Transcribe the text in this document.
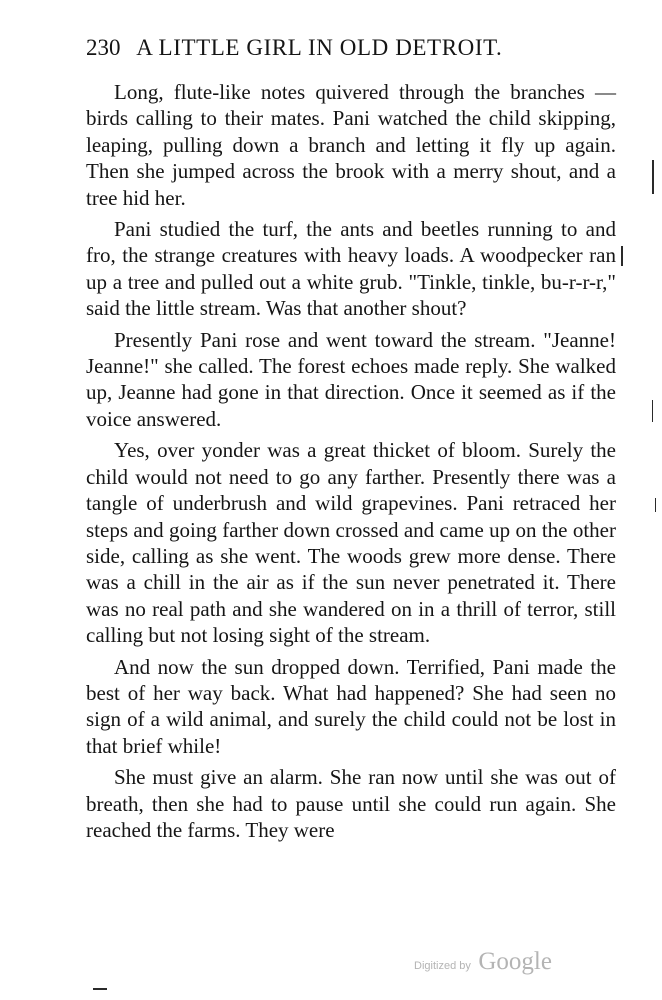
230 A LITTLE GIRL IN OLD DETROIT.

Long, flute-like notes quivered through the branches — birds calling to their mates. Pani watched the child skipping, leaping, pulling down a branch and letting it fly up again. Then she jumped across the brook with a merry shout, and a tree hid her.

Pani studied the turf, the ants and beetles running to and fro, the strange creatures with heavy loads. A woodpecker ran up a tree and pulled out a white grub. "Tinkle, tinkle, bu-r-r-r," said the little stream. Was that another shout?

Presently Pani rose and went toward the stream. "Jeanne! Jeanne!" she called. The forest echoes made reply. She walked up, Jeanne had gone in that direction. Once it seemed as if the voice answered.

Yes, over yonder was a great thicket of bloom. Surely the child would not need to go any farther. Presently there was a tangle of underbrush and wild grapevines. Pani retraced her steps and going farther down crossed and came up on the other side, calling as she went. The woods grew more dense. There was a chill in the air as if the sun never penetrated it. There was no real path and she wandered on in a thrill of terror, still calling but not losing sight of the stream.

And now the sun dropped down. Terrified, Pani made the best of her way back. What had happened? She had seen no sign of a wild animal, and surely the child could not be lost in that brief while!

She must give an alarm. She ran now until she was out of breath, then she had to pause until she could run again. She reached the farms. They were

Digitized by Google
